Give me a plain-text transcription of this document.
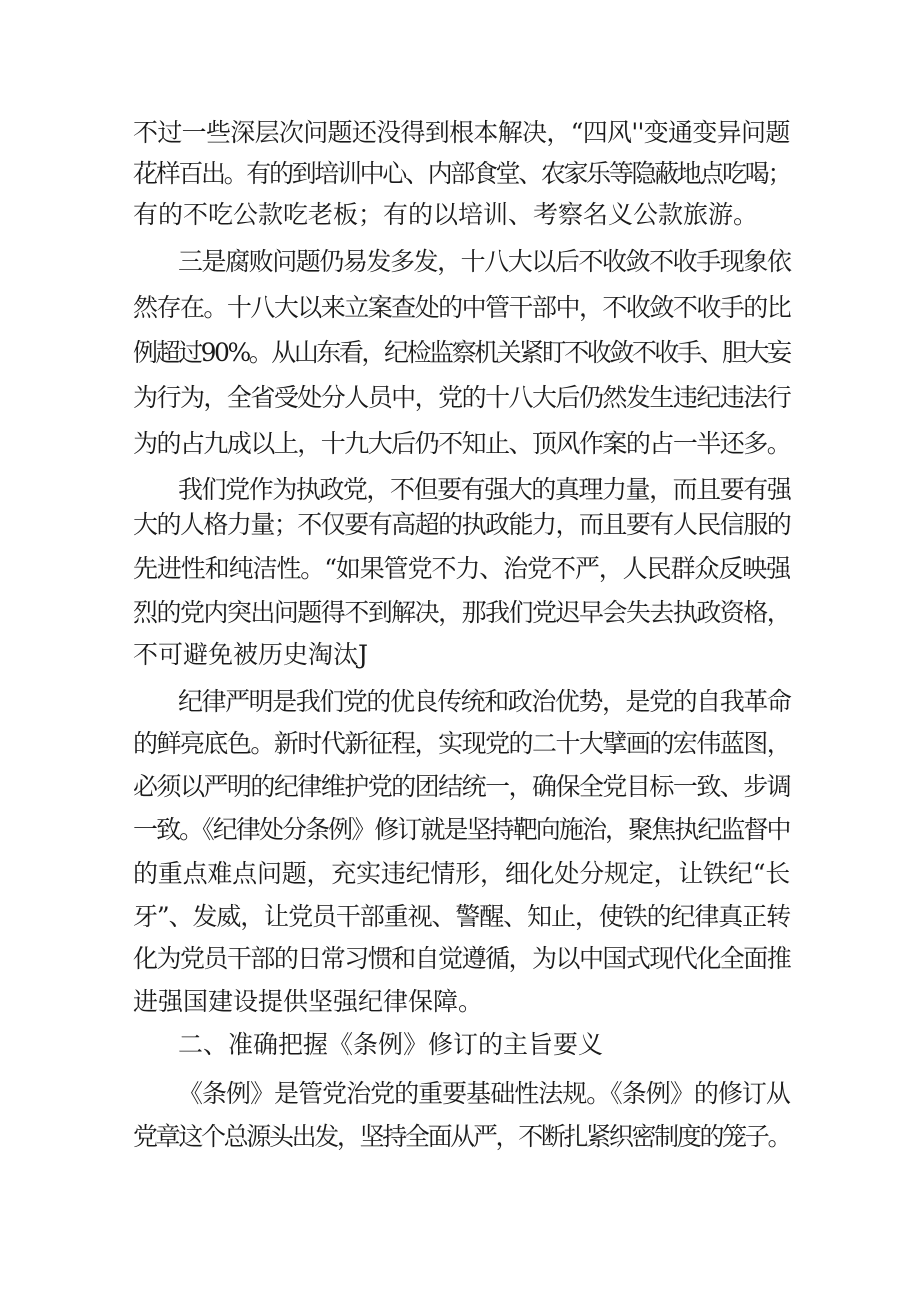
不过一些深层次问题还没得到根本解决，“四风''变通变异问题
花样百出。有的到培训中心、内部食堂、农家乐等隐蔽地点吃喝；
有的不吃公款吃老板；有的以培训、考察名义公款旅游。
三是腐败问题仍易发多发，十八大以后不收敛不收手现象依
然存在。十八大以来立案查处的中管干部中，不收敛不收手的比
例超过90%。从山东看，纪检监察机关紧盯不收敛不收手、胆大妄
为行为，全省受处分人员中，党的十八大后仍然发生违纪违法行
为的占九成以上，十九大后仍不知止、顶风作案的占一半还多。
我们党作为执政党，不但要有强大的真理力量，而且要有强
大的人格力量；不仅要有高超的执政能力，而且要有人民信服的
先进性和纯洁性。“如果管党不力、治党不严，人民群众反映强
烈的党内突出问题得不到解决，那我们党迟早会失去执政资格，
不可避免被历史淘汰J
纪律严明是我们党的优良传统和政治优势，是党的自我革命
的鲜亮底色。新时代新征程，实现党的二十大擘画的宏伟蓝图，
必须以严明的纪律维护党的团结统一，确保全党目标一致、步调
一致。《纪律处分条例》修订就是坚持靶向施治，聚焦执纪监督中
的重点难点问题，充实违纪情形，细化处分规定，让铁纪“长
牙”、发威，让党员干部重视、警醒、知止，使铁的纪律真正转
化为党员干部的日常习惯和自觉遵循，为以中国式现代化全面推
进强国建设提供坚强纪律保障。
二、准确把握《条例》修订的主旨要义
《条例》是管党治党的重要基础性法规。《条例》的修订从
党章这个总源头出发，坚持全面从严，不断扎紧织密制度的笼子。
